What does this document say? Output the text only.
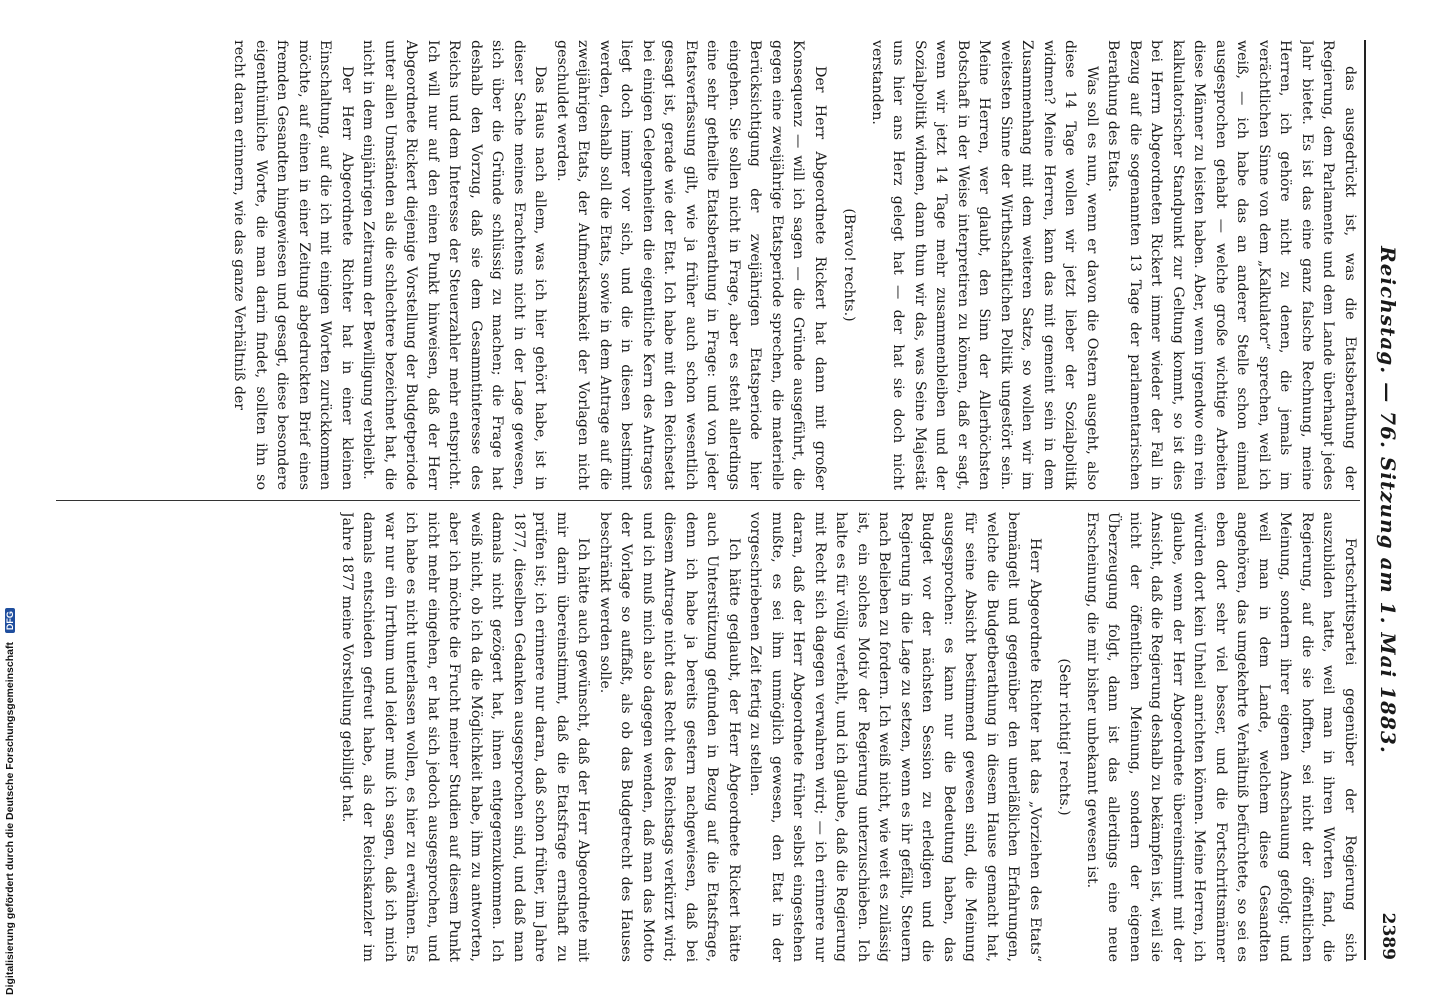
Reichstag. — 76. Sitzung am 1. Mai 1883.
2389

das ausgedrückt ist, was die Etatsberathung der Regierung, dem Parlamente und dem Lande überhaupt jedes Jahr bietet. Es ist das eine ganz falsche Rechnung, meine Herren, ich gehöre nicht zu denen, die jemals im verächtlichen Sinne von dem „Kalkulator“ sprechen, weil ich weiß, — ich habe das an anderer Stelle schon einmal ausgesprochen gehabt — welche große wichtige Arbeiten diese Männer zu leisten haben. Aber, wenn irgendwo ein rein kalkulatorischer Standpunkt zur Geltung kommt, so ist dies bei Herrn Abgeordneten Rickert immer wieder der Fall in Bezug auf die sogenannten 13 Tage der parlamentarischen Berathung des Etats.

Was soll es nun, wenn er davon die Ostern ausgeht, also diese 14 Tage wollen wir jetzt lieber der Sozialpolitik widmen? Meine Herren, kann das mit gemeint sein in dem Zusammenhang mit dem weiteren Satze, so wollen wir im weitesten Sinne der Wirthschaftlichen Politik ungestört sein. Meine Herren, wer glaubt, den Sinn der Allerhöchsten Botschaft in der Weise interpretiren zu können, daß er sagt, wenn wir jetzt 14 Tage mehr zusammenbleiben und der Sozialpolitik widmen, dann thun wir das, was Seine Majestät uns hier ans Herz gelegt hat — der hat sie doch nicht verstanden.

(Bravo! rechts.)

Der Herr Abgeordnete Rickert hat dann mit großer Konsequenz — will ich sagen — die Gründe ausgeführt, die gegen eine zweijährige Etatsperiode sprechen, die materielle Berücksichtigung der zweijährigen Etatsperiode hier eingehen. Sie sollen nicht in Frage, aber es steht allerdings eine sehr getheilte Etatsberathung in Frage: und von jeder Etatsverfassung gilt, wie ja früher auch schon wesentlich gesagt ist, gerade wie der Etat. Ich habe mit den Reichsetat bei einigen Gelegenheiten die eigentliche Kern des Antrages liegt doch immer vor sich, und die in diesen bestimmt werden, deshalb soll die Etats, sowie in dem Antrage auf die zweijährigen Etats, der Aufmerksamkeit der Vorlagen nicht geschuldet werden.

Das Haus nach allem, was ich hier gehört habe, ist in dieser Sache meines Erachtens nicht in der Lage gewesen, sich über die Gründe schlüssig zu machen; die Frage hat deshalb den Vorzug, daß sie dem Gesammtinteresse des Reichs und dem Interesse der Steuerzahler mehr entspricht. Ich will nur auf den einen Punkt hinweisen, daß der Herr Abgeordnete Rickert diejenige Vorstellung der Budgetperiode unter allen Umständen als die schlechtere bezeichnet hat, die nicht in dem einjährigen Zeitraum der Bewilligung verbleibt.

Der Herr Abgeordnete Richter hat in einer kleinen Einschaltung, auf die ich mit einigen Worten zurückkommen möchte, auf einen in einer Zeitung abgedruckten Brief eines fremden Gesandten hingewiesen und gesagt, diese besondere eigenthümliche Worte, die man darin findet, sollten ihn so recht daran erinnern, wie das ganze Verhältniß der

Fortschrittspartei gegenüber der Regierung sich auszubilden hatte, weil man in ihren Worten fand, die Regierung, auf die sie hofften, sei nicht der öffentlichen Meinung, sondern ihrer eigenen Anschauung gefolgt; und weil man in dem Lande, welchem diese Gesandten angehören, das umgekehrte Verhältniß befürchtete, so sei es eben dort sehr viel besser, und die Fortschrittsmänner würden dort kein Unheil anrichten können. Meine Herren, ich glaube, wenn der Herr Abgeordnete übereinstimmt mit der Ansicht, daß die Regierung deshalb zu bekämpfen ist, weil sie nicht der öffentlichen Meinung, sondern der eigenen Überzeugung folgt, dann ist das allerdings eine neue Erscheinung, die mir bisher unbekannt gewesen ist.

(Sehr richtig! rechts.)

Herr Abgeordnete Richter hat das „Vorziehen des Etats“ bemängelt und gegenüber den unerläßlichen Erfahrungen, welche die Budgetberathung in diesem Hause gemacht hat, für seine Absicht bestimmend gewesen sind, die Meinung ausgesprochen: es kann nur die Bedeutung haben, das Budget vor der nächsten Session zu erledigen und die Regierung in die Lage zu setzen, wenn es ihr gefällt, Steuern nach Belieben zu fordern. Ich weiß nicht, wie weit es zulässig ist, ein solches Motiv der Regierung unterzuschieben. Ich halte es für völlig verfehlt, und ich glaube, daß die Regierung mit Recht sich dagegen verwahren wird; — ich erinnere nur daran, daß der Herr Abgeordnete früher selbst eingestehen mußte, es sei ihm unmöglich gewesen, den Etat in der vorgeschriebenen Zeit fertig zu stellen.

Ich hätte geglaubt, der Herr Abgeordnete Rickert hätte auch Unterstützung gefunden in Bezug auf die Etatsfrage, denn ich habe ja bereits gestern nachgewiesen, daß bei diesem Antrage nicht das Recht des Reichstags verkürzt wird; und ich muß mich also dagegen wenden, daß man das Motto der Vorlage so auffaßt, als ob das Budgetrecht des Hauses beschränkt werden solle.

Ich hätte auch gewünscht, daß der Herr Abgeordnete mit mir darin übereinstimmt, daß die Etatsfrage ernsthaft zu prüfen ist; ich erinnere nur daran, daß schon früher, im Jahre 1877, dieselben Gedanken ausgesprochen sind, und daß man damals nicht gezögert hat, ihnen entgegenzukommen. Ich weiß nicht, ob ich da die Möglichkeit habe, ihm zu antworten, aber ich möchte die Frucht meiner Studien auf diesem Punkt nicht mehr eingehen, er hat sich jedoch ausgesprochen, und ich habe es nicht unterlassen wollen, es hier zu erwähnen. Es war nur ein Irrthum und leider muß ich sagen, daß ich mich damals entschieden gefreut habe, als der Reichskanzler im Jahre 1877 meine Vorstellung gebilligt hat.

Digitalisierung gefördert durch die Deutsche Forschungsgemeinschaft DFG
